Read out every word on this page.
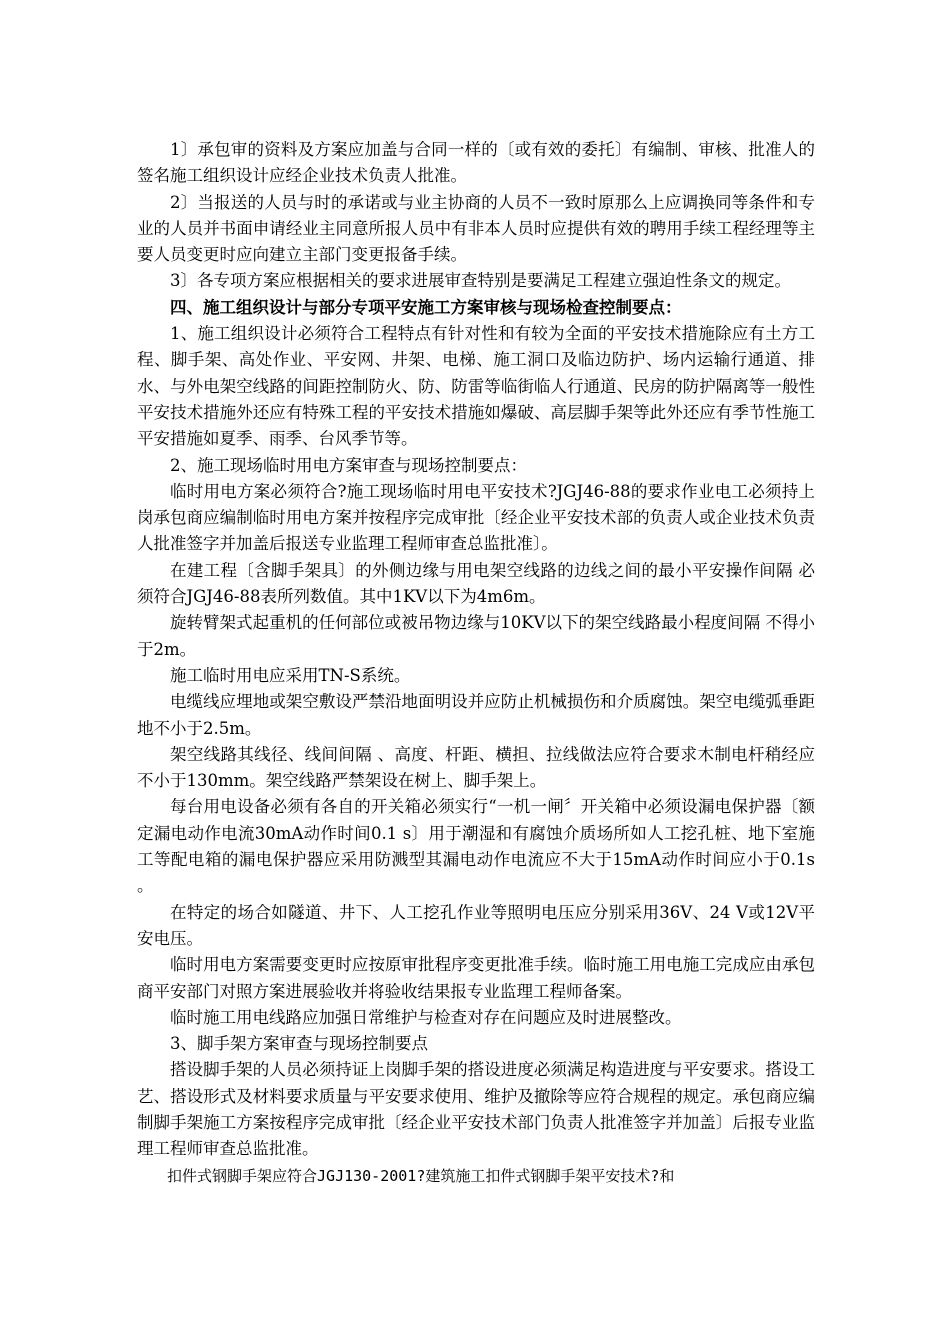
1〕承包审的资料及方案应加盖与合同一样的〔或有效的委托〕有编制、审核、批准人的签名施工组织设计应经企业技术负责人批准。

2〕当报送的人员与时的承诺或与业主协商的人员不一致时原那么上应调换同等条件和专业的人员并书面申请经业主同意所报人员中有非本人员时应提供有效的聘用手续工程经理等主要人员变更时应向建立主部门变更报备手续。

3〕各专项方案应根据相关的要求进展审查特别是要满足工程建立强迫性条文的规定。

四、施工组织设计与部分专项平安施工方案审核与现场检查控制要点：

1、施工组织设计必须符合工程特点有针对性和有较为全面的平安技术措施除应有土方工程、脚手架、高处作业、平安网、井架、电梯、施工洞口及临边防护、场内运输行通道、排水、与外电架空线路的间距控制防火、防、防雷等临街临人行通道、民房的防护隔离等一般性平安技术措施外还应有特殊工程的平安技术措施如爆破、高层脚手架等此外还应有季节性施工平安措施如夏季、雨季、台风季节等。

2、施工现场临时用电方案审查与现场控制要点：

临时用电方案必须符合?施工现场临时用电平安技术?JGJ46-88的要求作业电工必须持上岗承包商应编制临时用电方案并按程序完成审批〔经企业平安技术部的负责人或企业技术负责人批准签字并加盖后报送专业监理工程师审查总监批准〕。

在建工程〔含脚手架具〕的外侧边缘与用电架空线路的边线之间的最小平安操作间隔 必须符合JGJ46-88表所列数值。其中1KV以下为4m6m。

旋转臂架式起重机的任何部位或被吊物边缘与10KV以下的架空线路最小程度间隔 不得小于2m。

施工临时用电应采用TN-S系统。

电缆线应埋地或架空敷设严禁沿地面明设并应防止机械损伤和介质腐蚀。架空电缆弧垂距地不小于2.5m。

架空线路其线径、线间间隔 、高度、杆距、横担、拉线做法应符合要求木制电杆稍经应不小于130mm。架空线路严禁架设在树上、脚手架上。

每台用电设备必须有各自的开关箱必须实行“一机一闸〞开关箱中必须设漏电保护器〔额定漏电动作电流30mA动作时间0.1 s〕用于潮湿和有腐蚀介质场所如人工挖孔桩、地下室施工等配电箱的漏电保护器应采用防溅型其漏电动作电流应不大于15mA动作时间应小于0.1s 。

在特定的场合如隧道、井下、人工挖孔作业等照明电压应分别采用36V、24 V或12V平安电压。

临时用电方案需要变更时应按原审批程序变更批准手续。临时施工用电施工完成应由承包商平安部门对照方案进展验收并将验收结果报专业监理工程师备案。

临时施工用电线路应加强日常维护与检查对存在问题应及时进展整改。

3、脚手架方案审查与现场控制要点

搭设脚手架的人员必须持证上岗脚手架的搭设进度必须满足构造进度与平安要求。搭设工艺、搭设形式及材料要求质量与平安要求使用、维护及撤除等应符合规程的规定。承包商应编制脚手架施工方案按程序完成审批〔经企业平安技术部门负责人批准签字并加盖〕后报专业监理工程师审查总监批准。

扣件式钢脚手架应符合JGJ130-2001?建筑施工扣件式钢脚手架平安技术?和
